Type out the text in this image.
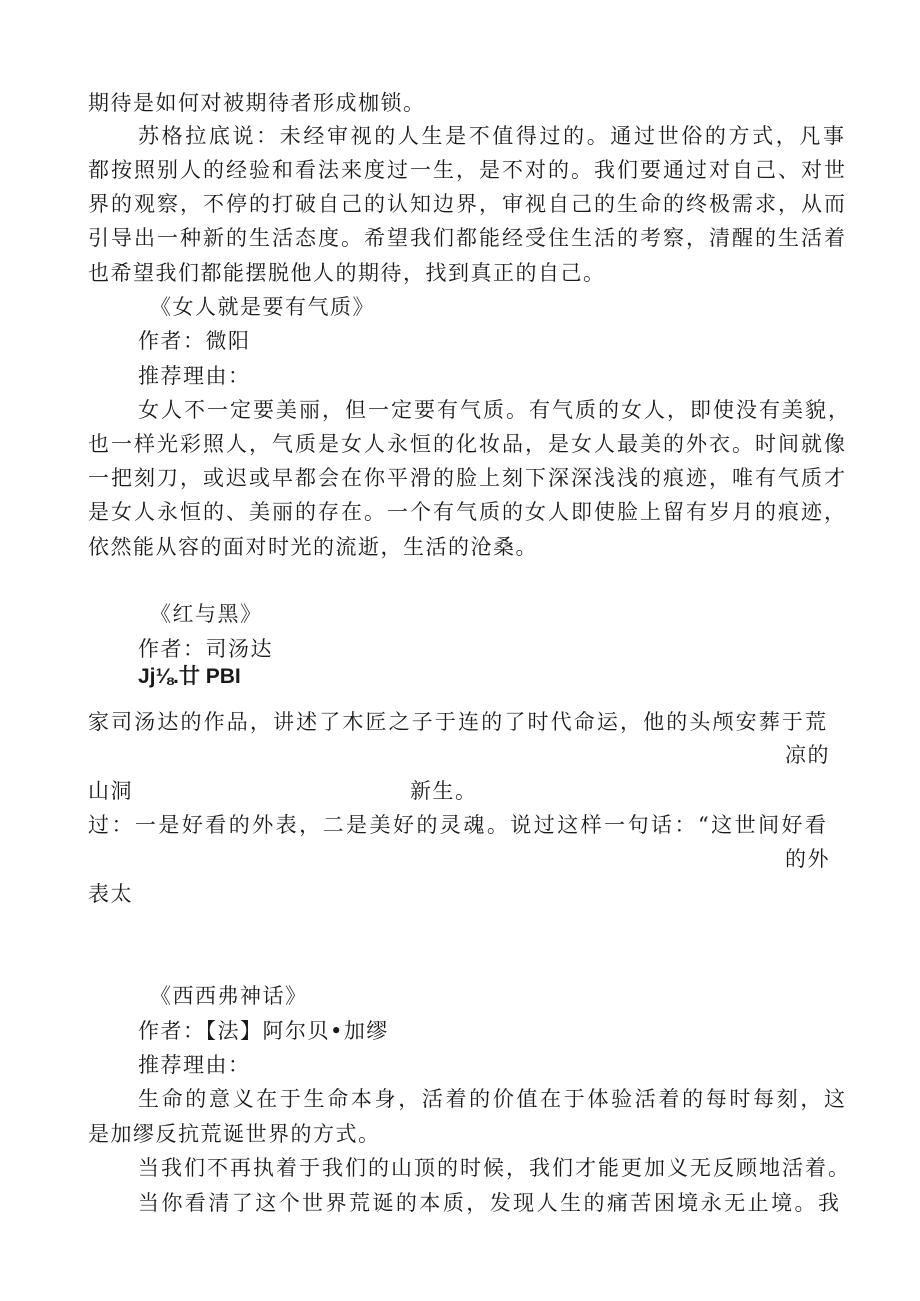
期待是如何对被期待者形成枷锁。
苏格拉底说：未经审视的人生是不值得过的。通过世俗的方式，凡事
都按照别人的经验和看法来度过一生，是不对的。我们要通过对自己、对世
界的观察，不停的打破自己的认知边界，审视自己的生命的终极需求，从而
引导出一种新的生活态度。希望我们都能经受住生活的考察，清醒的生活着
也希望我们都能摆脱他人的期待，找到真正的自己。
《女人就是要有气质》
作者：微阳
推荐理由：
女人不一定要美丽，但一定要有气质。有气质的女人，即使没有美貌，
也一样光彩照人，气质是女人永恒的化妆品，是女人最美的外衣。时间就像
一把刻刀，或迟或早都会在你平滑的脸上刻下深深浅浅的痕迹，唯有气质才
是女人永恒的、美丽的存在。一个有气质的女人即使脸上留有岁月的痕迹，
依然能从容的面对时光的流逝，生活的沧桑。
《红与黑》
作者：司汤达
Jj⅛.廿 PBI
家司汤达的作品，讲述了木匠之子于连的了时代命运，他的头颅安葬于荒
凉的
山洞	新生。
过：一是好看的外表，二是美好的灵魂。说过这样一句话：“这世间好看
的外
表太
《西西弗神话》
作者：【法】阿尔贝•加缪
推荐理由：
生命的意义在于生命本身，活着的价值在于体验活着的每时每刻，这
是加缪反抗荒诞世界的方式。
当我们不再执着于我们的山顶的时候，我们才能更加义无反顾地活着。
当你看清了这个世界荒诞的本质，发现人生的痛苦困境永无止境。我
